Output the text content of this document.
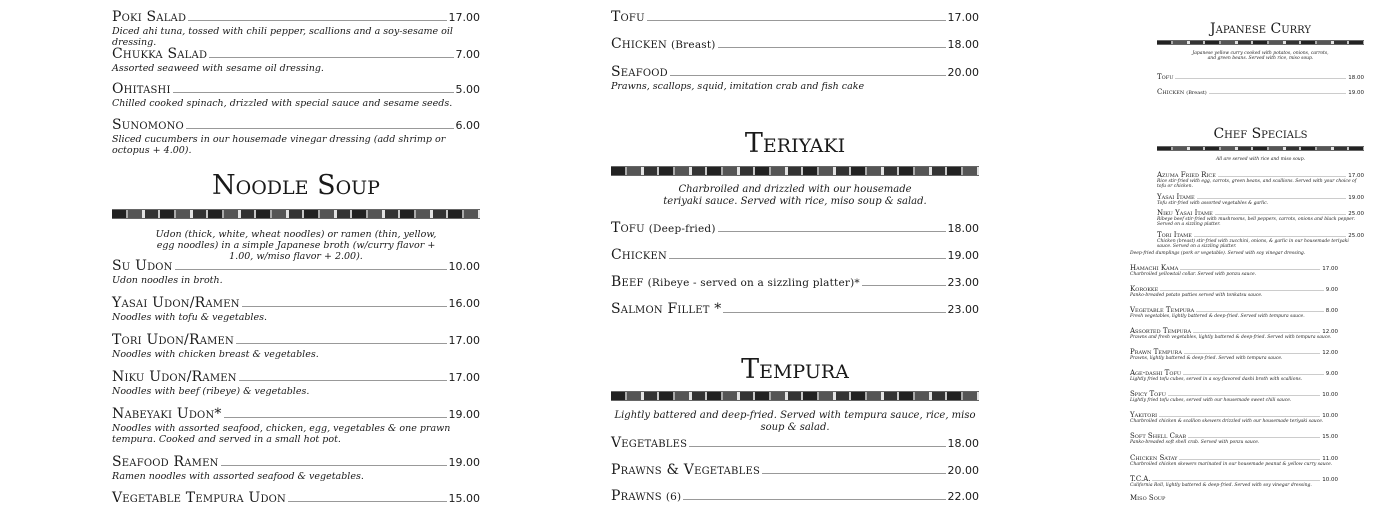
Poki Salad	17.00
Diced ahi tuna, tossed with chili pepper, scallions and a soy-sesame oil dressing.
Chukka Salad	7.00
Assorted seaweed with sesame oil dressing.
Ohitashi	5.00
Chilled cooked spinach, drizzled with special sauce and sesame seeds.
Sunomono	6.00
Sliced cucumbers in our housemade vinegar dressing (add shrimp or octopus + 4.00).
Noodle Soup
Udon (thick, white, wheat noodles) or ramen (thin, yellow, egg noodles) in a simple Japanese broth (w/curry flavor + 1.00, w/miso flavor + 2.00).
Su Udon	10.00
Udon noodles in broth.
Yasai Udon/Ramen	16.00
Noodles with tofu & vegetables.
Tori Udon/Ramen	17.00
Noodles with chicken breast & vegetables.
Niku Udon/Ramen	17.00
Noodles with beef (ribeye) & vegetables.
Nabeyaki Udon*	19.00
Noodles with assorted seafood, chicken, egg, vegetables & one prawn tempura. Cooked and served in a small hot pot.
Seafood Ramen	19.00
Ramen noodles with assorted seafood & vegetables.
Vegetable Tempura Udon	15.00
Tofu	17.00
Chicken (Breast)	18.00
Seafood	20.00
Prawns, scallops, squid, imitation crab and fish cake
Teriyaki
Charbroiled and drizzled with our housemade teriyaki sauce. Served with rice, miso soup & salad.
Tofu (Deep-fried)	18.00
Chicken	19.00
Beef (Ribeye - served on a sizzling platter)*	23.00
Salmon Fillet *	23.00
Tempura
Lightly battered and deep-fried. Served with tempura sauce, rice, miso soup & salad.
Vegetables	18.00
Prawns & Vegetables	20.00
Prawns (6)	22.00
Japanese Curry
Japanese yellow curry cooked with potatos, onions, carrots, and green beans. Served with rice, miso soup.
Tofu	18.00
Chicken (Breast)	19.00
Chef Specials
All are served with rice and miso soup.
Azuma Fried Rice	17.00
Rice stir-fried with egg, carrots, green beans, and scallions. Served with your choice of tofu or chicken.
Yasai Itame	19.00
Tofu stir-fried with assorted vegetables & garlic.
Niku Yasai Itame	25.00
Ribeye beef stir-fried with mushrooms, bell peppers, carrots, onions and black pepper. Served on a sizzling platter.
Tori Itame	25.00
Chicken (breast) stir-fried with zucchini, onions, & garlic in our housemade teriyaki sauce. Served on a sizzling platter.
Deep-fried dumplings (pork or vegetable). Served with soy vinegar dressing.
Hamachi Kama	17.00
Charbroiled yellowtail collar. Served with ponzu sauce.
Korokke	9.00
Panko-breaded potato patties served with tonkatsu sauce.
Vegetable Tempura	8.00
Fresh vegetables, lightly battered & deep-fried. Served with tempura sauce.
Assorted Tempura	12.00
Prawns and fresh vegetables, lightly battered & deep-fried. Served with tempura sauce.
Prawn Tempura	12.00
Prawns, lightly battered & deep-fried. Served with tempura sauce.
Age-dashi Tofu	9.00
Lightly fried tofu cubes, served in a soy-flavored dashi broth with scallions.
Spicy Tofu	10.00
Lightly fried tofu cubes, served with our housemade sweet chili sauce.
Yakitori	10.00
Charbroiled chicken & scallion skewers drizzled with our housemade teriyaki sauce.
Soft Shell Crab	15.00
Panko-breaded soft shell crab. Served with ponzu sauce.
Chicken Satay	11.00
Charbroiled chicken skewers marinated in our housemade peanut & yellow curry sauce.
T.C.A.	10.00
California Roll, lightly battered & deep-fried. Served with soy vinegar dressing.
Miso Soup
